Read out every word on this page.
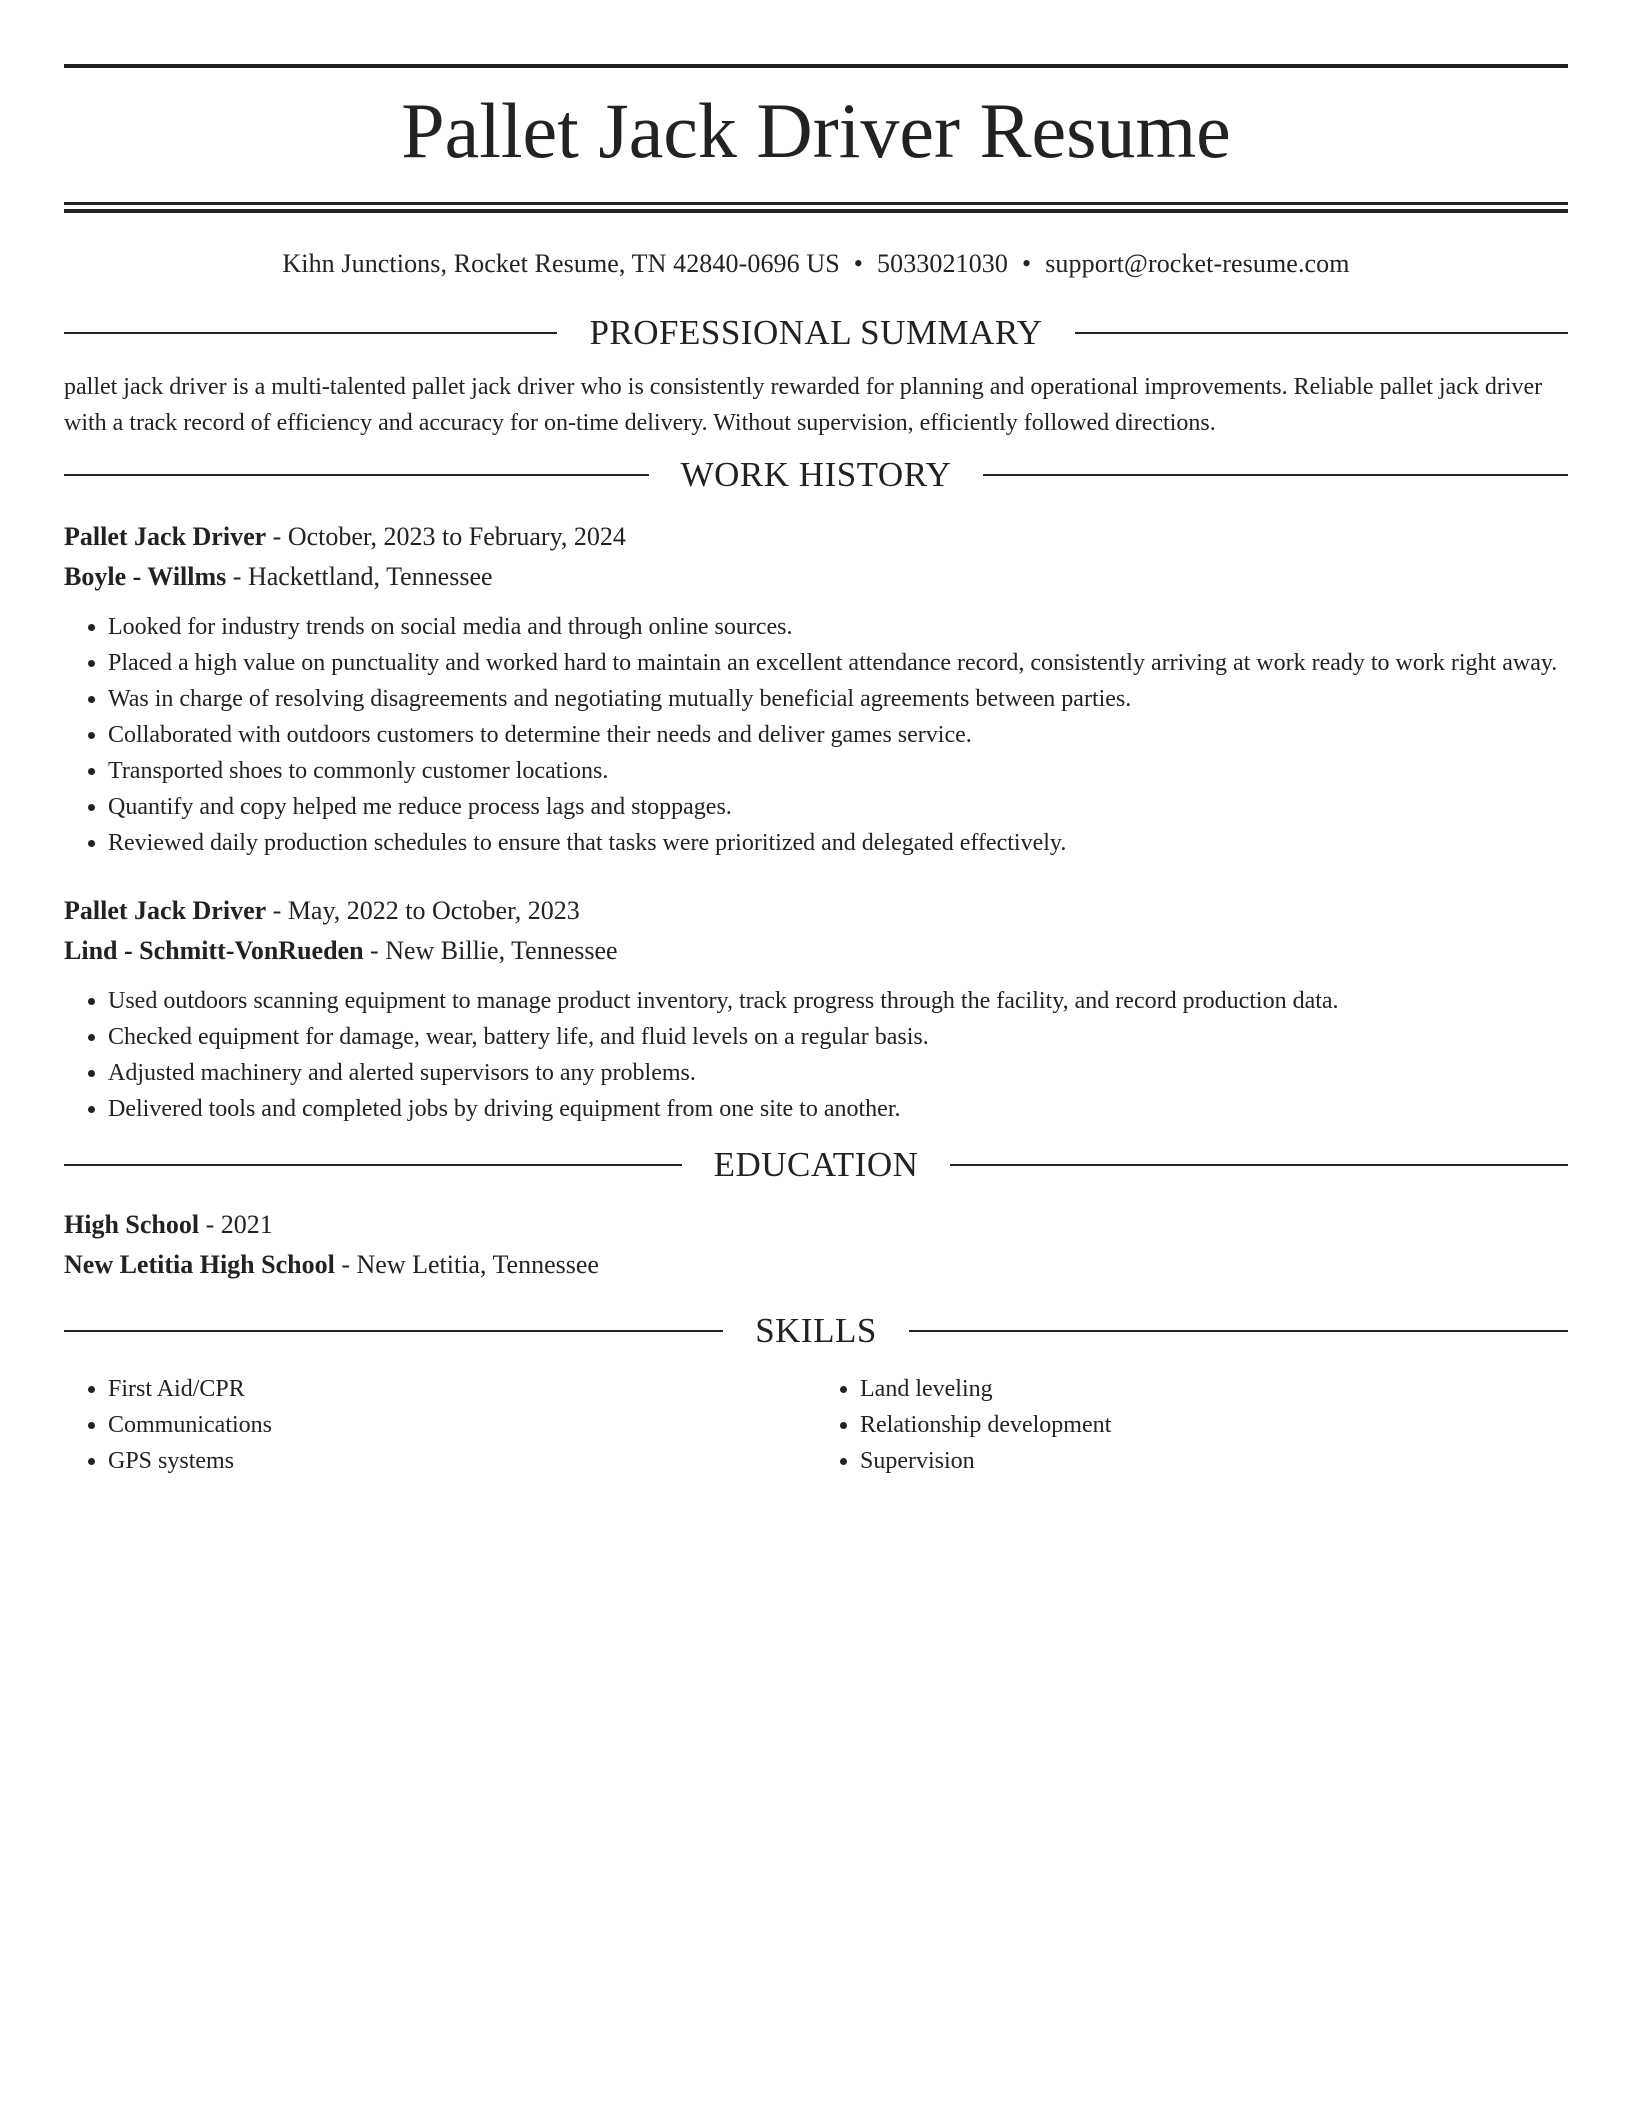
Pallet Jack Driver Resume
Kihn Junctions, Rocket Resume, TN 42840-0696 US • 5033021030 • support@rocket-resume.com
PROFESSIONAL SUMMARY

pallet jack driver is a multi-talented pallet jack driver who is consistently rewarded for planning and operational improvements. Reliable pallet jack driver with a track record of efficiency and accuracy for on-time delivery. Without supervision, efficiently followed directions.

WORK HISTORY
Pallet Jack Driver - October, 2023 to February, 2024
Boyle - Willms - Hackettland, Tennessee
• Looked for industry trends on social media and through online sources.
• Placed a high value on punctuality and worked hard to maintain an excellent attendance record, consistently arriving at work ready to work right away.
• Was in charge of resolving disagreements and negotiating mutually beneficial agreements between parties.
• Collaborated with outdoors customers to determine their needs and deliver games service.
• Transported shoes to commonly customer locations.
• Quantify and copy helped me reduce process lags and stoppages.
• Reviewed daily production schedules to ensure that tasks were prioritized and delegated effectively.
Pallet Jack Driver - May, 2022 to October, 2023
Lind - Schmitt-VonRueden - New Billie, Tennessee
• Used outdoors scanning equipment to manage product inventory, track progress through the facility, and record production data.
• Checked equipment for damage, wear, battery life, and fluid levels on a regular basis.
• Adjusted machinery and alerted supervisors to any problems.
• Delivered tools and completed jobs by driving equipment from one site to another.
EDUCATION
High School - 2021
New Letitia High School - New Letitia, Tennessee
SKILLS
• First Aid/CPR
• Communications
• GPS systems
• Land leveling
• Relationship development
• Supervision
